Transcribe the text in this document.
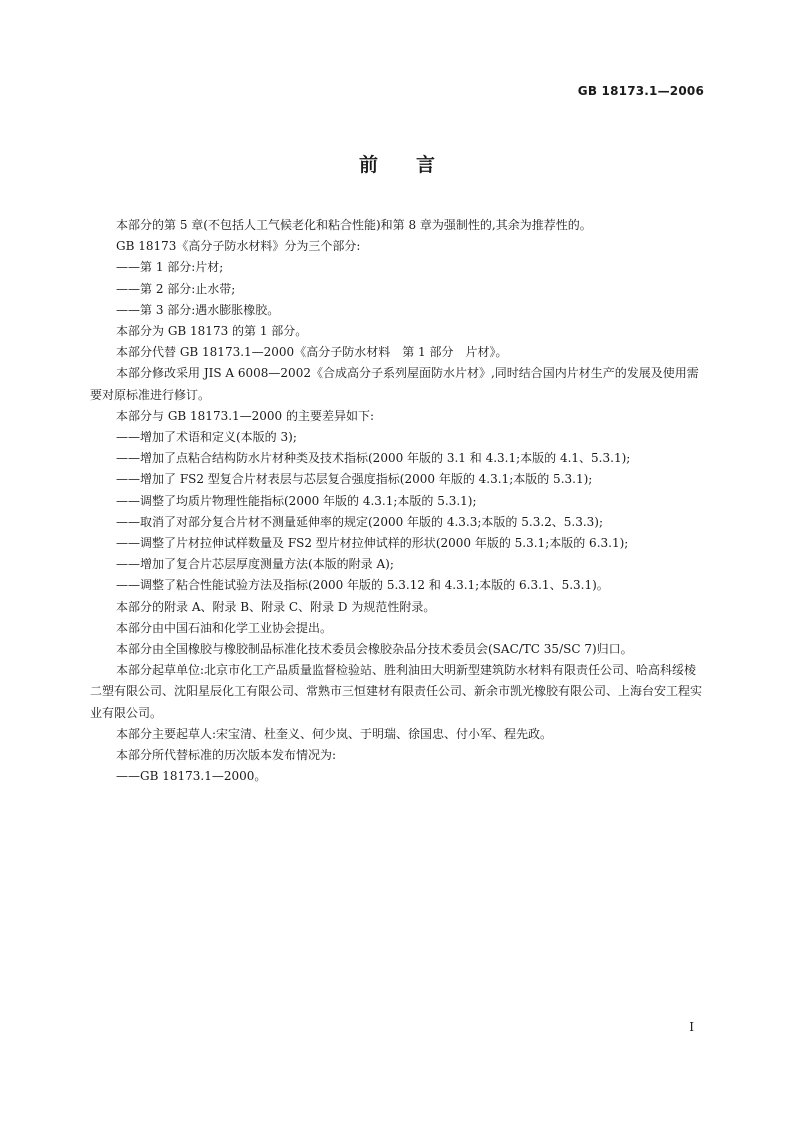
GB 18173.1—2006
前 言

本部分的第 5 章(不包括人工气候老化和粘合性能)和第 8 章为强制性的,其余为推荐性的。

GB 18173《高分子防水材料》分为三个部分:

——第 1 部分:片材;

——第 2 部分:止水带;

——第 3 部分:遇水膨胀橡胶。

本部分为 GB 18173 的第 1 部分。

本部分代替 GB 18173.1—2000《高分子防水材料　第 1 部分　片材》。

本部分修改采用 JIS A 6008—2002《合成高分子系列屋面防水片材》,同时结合国内片材生产的发展及使用需要对原标准进行修订。

本部分与 GB 18173.1—2000 的主要差异如下:

——增加了术语和定义(本版的 3);

——增加了点粘合结构防水片材种类及技术指标(2000 年版的 3.1 和 4.3.1;本版的 4.1、5.3.1);

——增加了 FS2 型复合片材表层与芯层复合强度指标(2000 年版的 4.3.1;本版的 5.3.1);

——调整了均质片物理性能指标(2000 年版的 4.3.1;本版的 5.3.1);

——取消了对部分复合片材不测量延伸率的规定(2000 年版的 4.3.3;本版的 5.3.2、5.3.3);

——调整了片材拉伸试样数量及 FS2 型片材拉伸试样的形状(2000 年版的 5.3.1;本版的 6.3.1);

——增加了复合片芯层厚度测量方法(本版的附录 A);

——调整了粘合性能试验方法及指标(2000 年版的 5.3.12 和 4.3.1;本版的 6.3.1、5.3.1)。

本部分的附录 A、附录 B、附录 C、附录 D 为规范性附录。

本部分由中国石油和化学工业协会提出。

本部分由全国橡胶与橡胶制品标准化技术委员会橡胶杂品分技术委员会(SAC/TC 35/SC 7)归口。

本部分起草单位:北京市化工产品质量监督检验站、胜利油田大明新型建筑防水材料有限责任公司、哈高科绥棱二塑有限公司、沈阳星辰化工有限公司、常熟市三恒建材有限责任公司、新余市凯光橡胶有限公司、上海台安工程实业有限公司。

本部分主要起草人:宋宝清、杜奎义、何少岚、于明瑞、徐国忠、付小军、程先政。

本部分所代替标准的历次版本发布情况为:

——GB 18173.1—2000。

I
